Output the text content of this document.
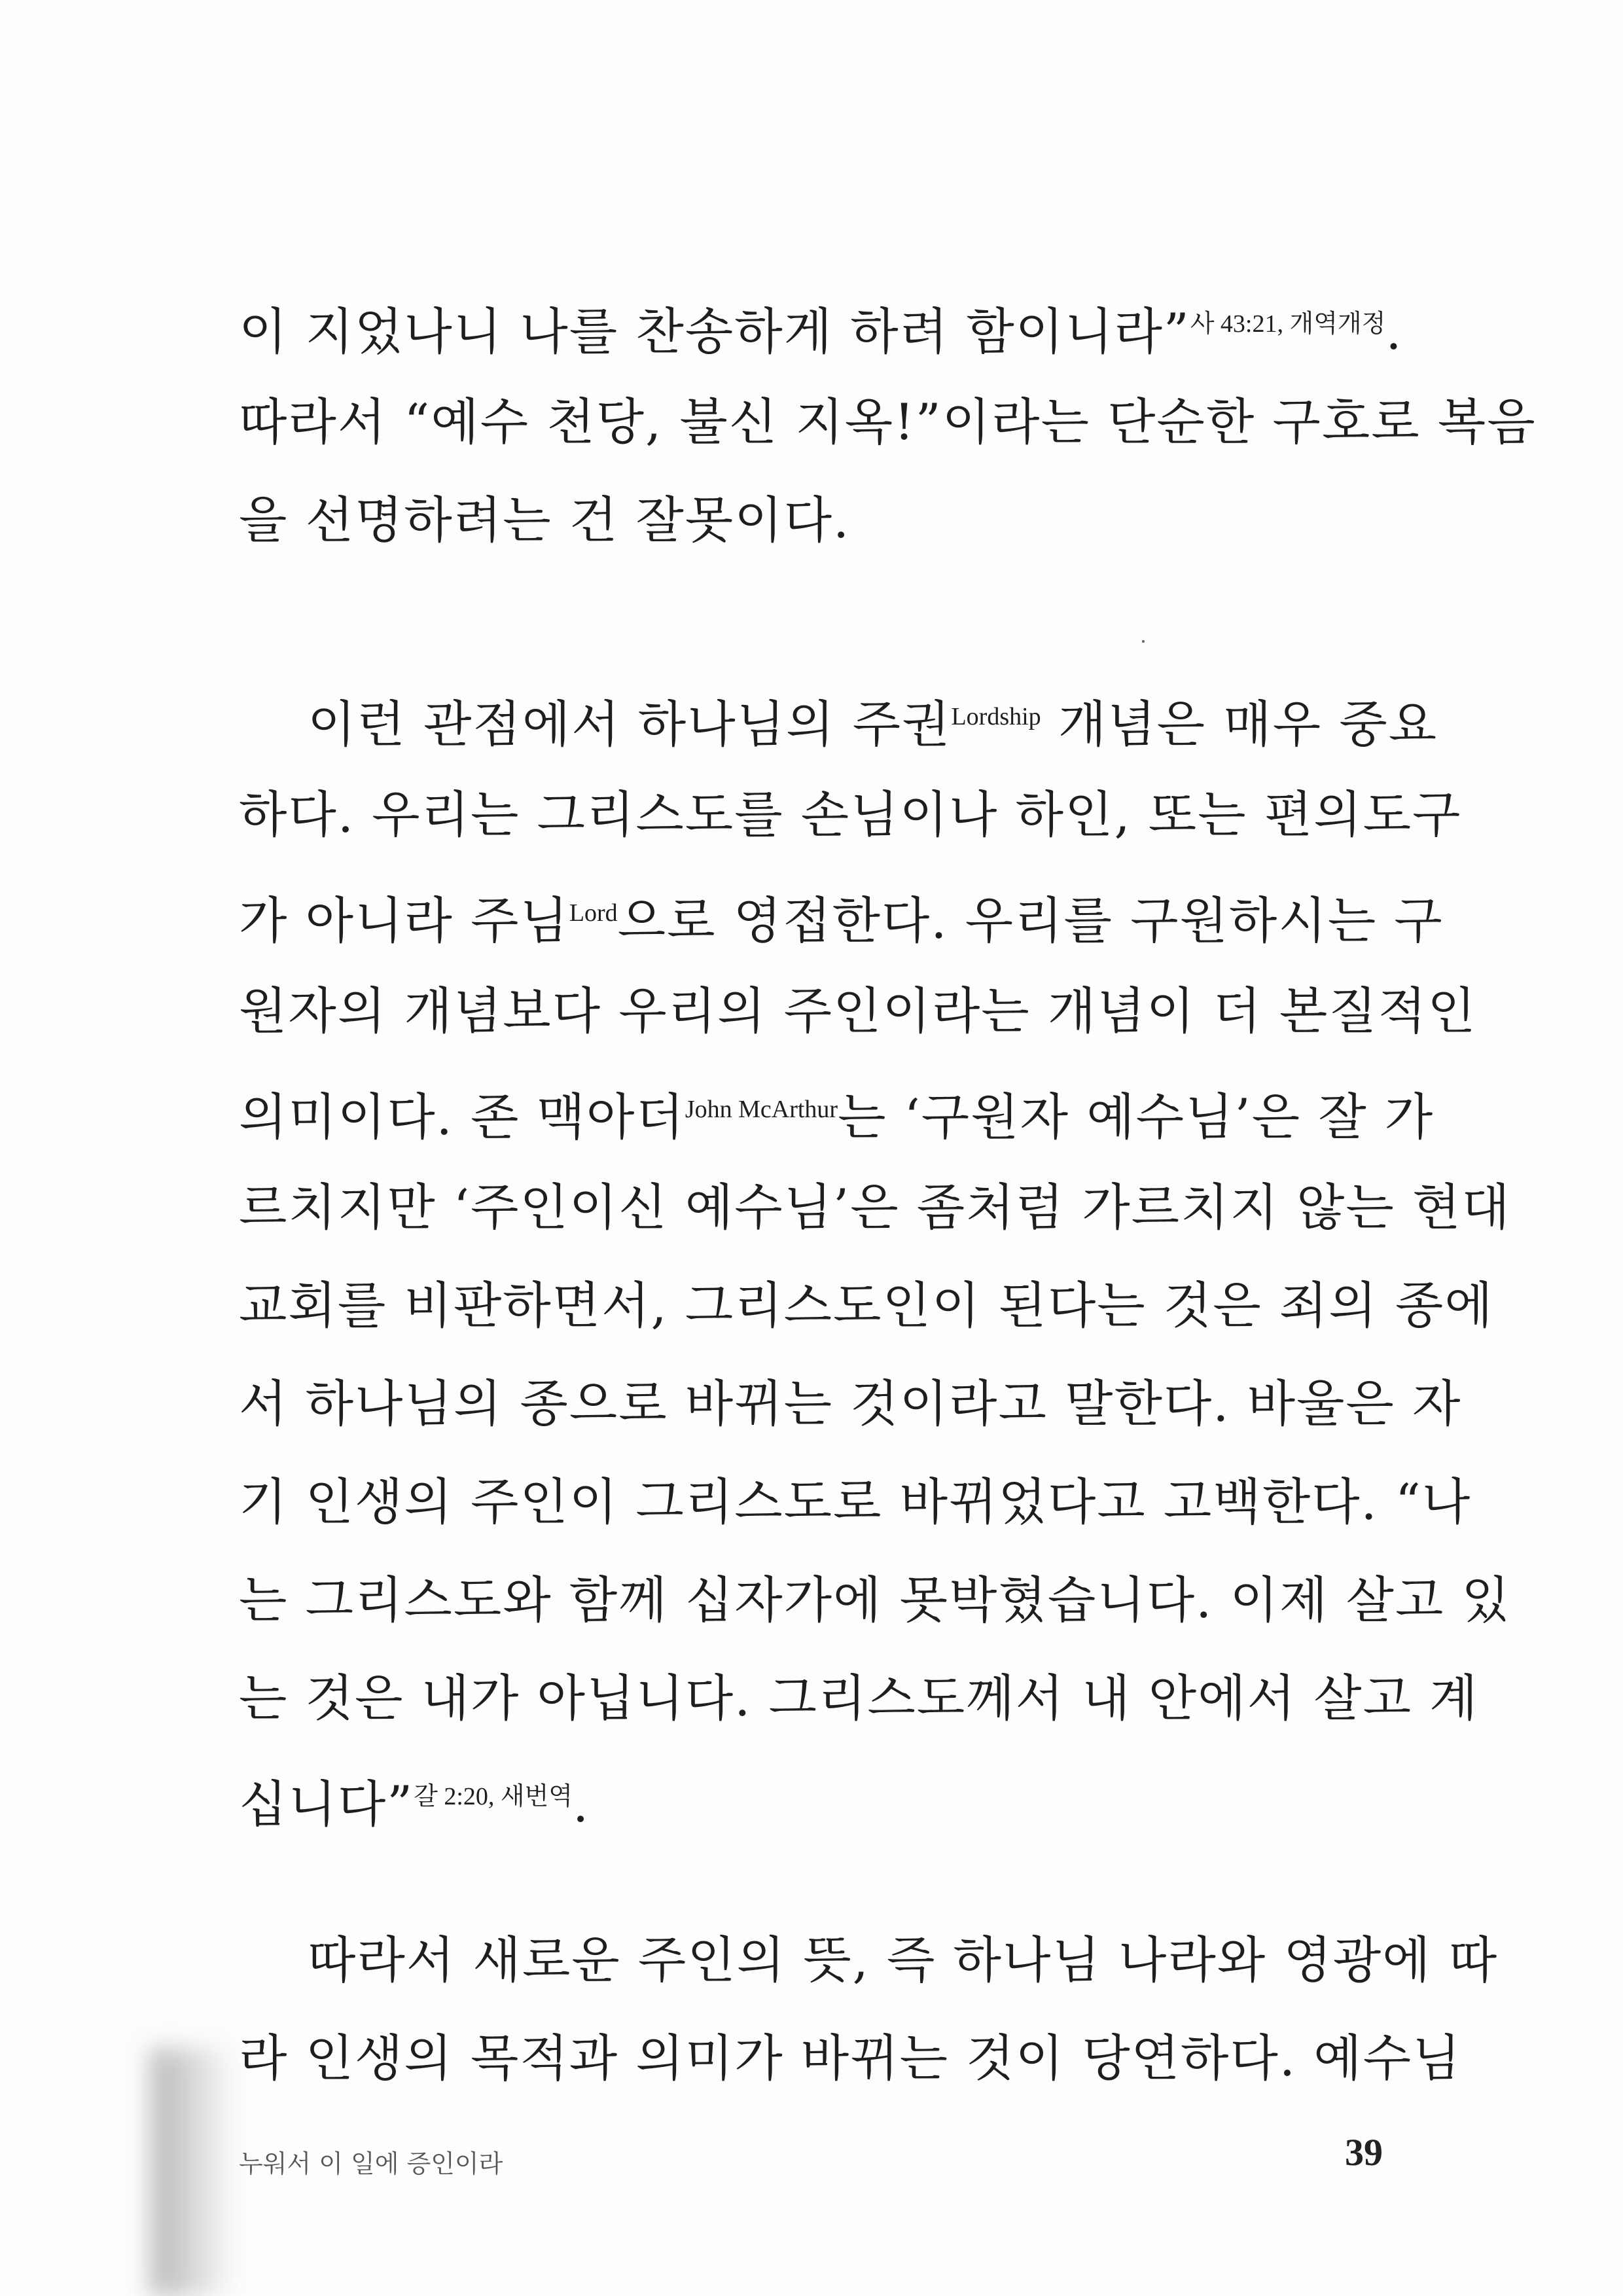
이 지었나니 나를 찬송하게 하려 함이니라”$^{사 43:21, 개역개정}$.
따라서 “예수 천당, 불신 지옥!”이라는 단순한 구호로 복음
을 선명하려는 건 잘못이다.
이런 관점에서 하나님의 주권$^{Lordship}$ 개념은 매우 중요
하다. 우리는 그리스도를 손님이나 하인, 또는 편의도구
가 아니라 주님$^{Lord}$으로 영접한다. 우리를 구원하시는 구
원자의 개념보다 우리의 주인이라는 개념이 더 본질적인
의미이다. 존 맥아더$^{John McArthur}$는 ‘구원자 예수님’은 잘 가
르치지만 ‘주인이신 예수님’은 좀처럼 가르치지 않는 현대
교회를 비판하면서, 그리스도인이 된다는 것은 죄의 종에
서 하나님의 종으로 바뀌는 것이라고 말한다. 바울은 자
기 인생의 주인이 그리스도로 바뀌었다고 고백한다. “나
는 그리스도와 함께 십자가에 못박혔습니다. 이제 살고 있
는 것은 내가 아닙니다. 그리스도께서 내 안에서 살고 계
십니다”$^{갈 2:20, 새번역}$.
따라서 새로운 주인의 뜻, 즉 하나님 나라와 영광에 따
라 인생의 목적과 의미가 바뀌는 것이 당연하다. 예수님
누워서 이 일에 증인이라	39
